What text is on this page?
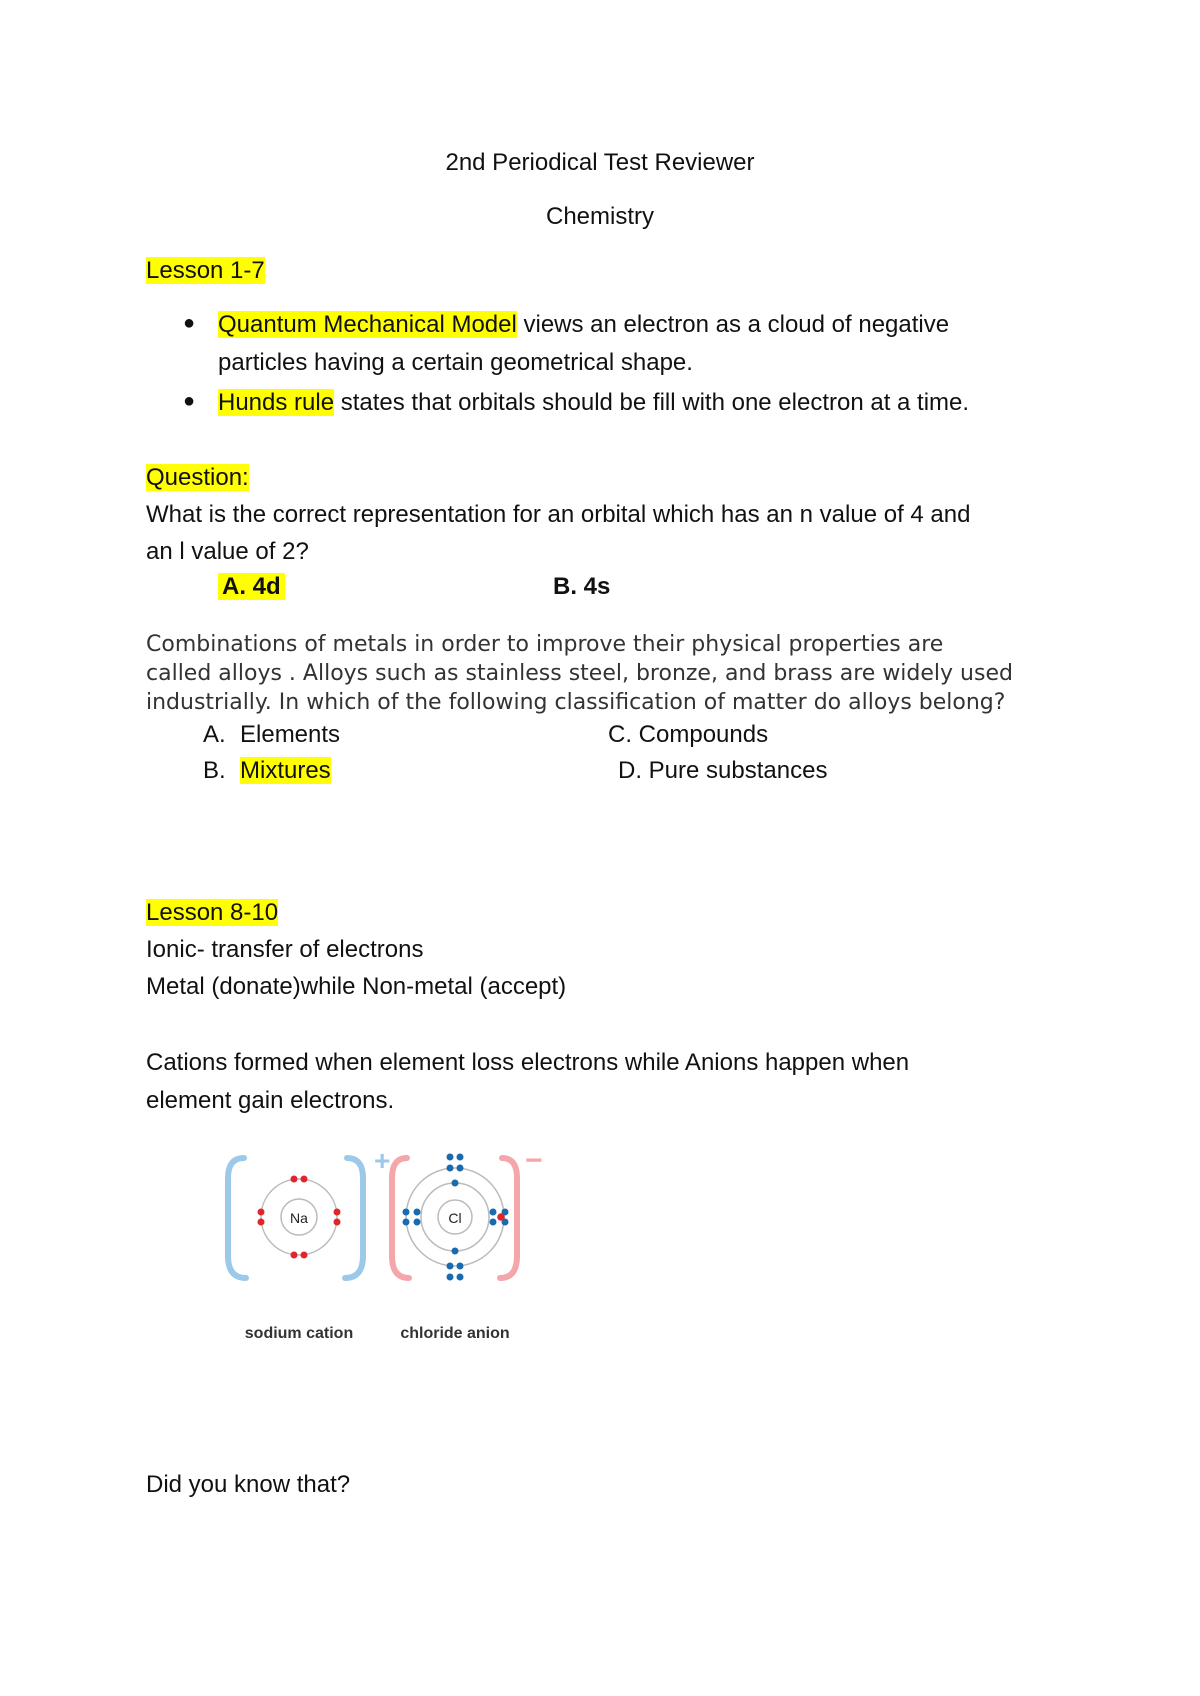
2nd Periodical Test Reviewer
Chemistry
Lesson 1-7
● Quantum Mechanical Model views an electron as a cloud of negative
particles having a certain geometrical shape.
● Hunds rule states that orbitals should be fill with one electron at a time.
Question:
What is the correct representation for an orbital which has an n value of 4 and
an l value of 2?
A. 4d	B. 4s
Combinations of metals in order to improve their physical properties are
called alloys . Alloys such as stainless steel, bronze, and brass are widely used
industrially. In which of the following classification of matter do alloys belong?
A. Elements	C. Compounds
B. Mixtures	D. Pure substances
Lesson 8-10
Ionic- transfer of electrons
Metal (donate)while Non-metal (accept)
Cations formed when element loss electrons while Anions happen when
element gain electrons.
+
Na
−
Cl
sodium cation	chloride anion
Did you know that?
